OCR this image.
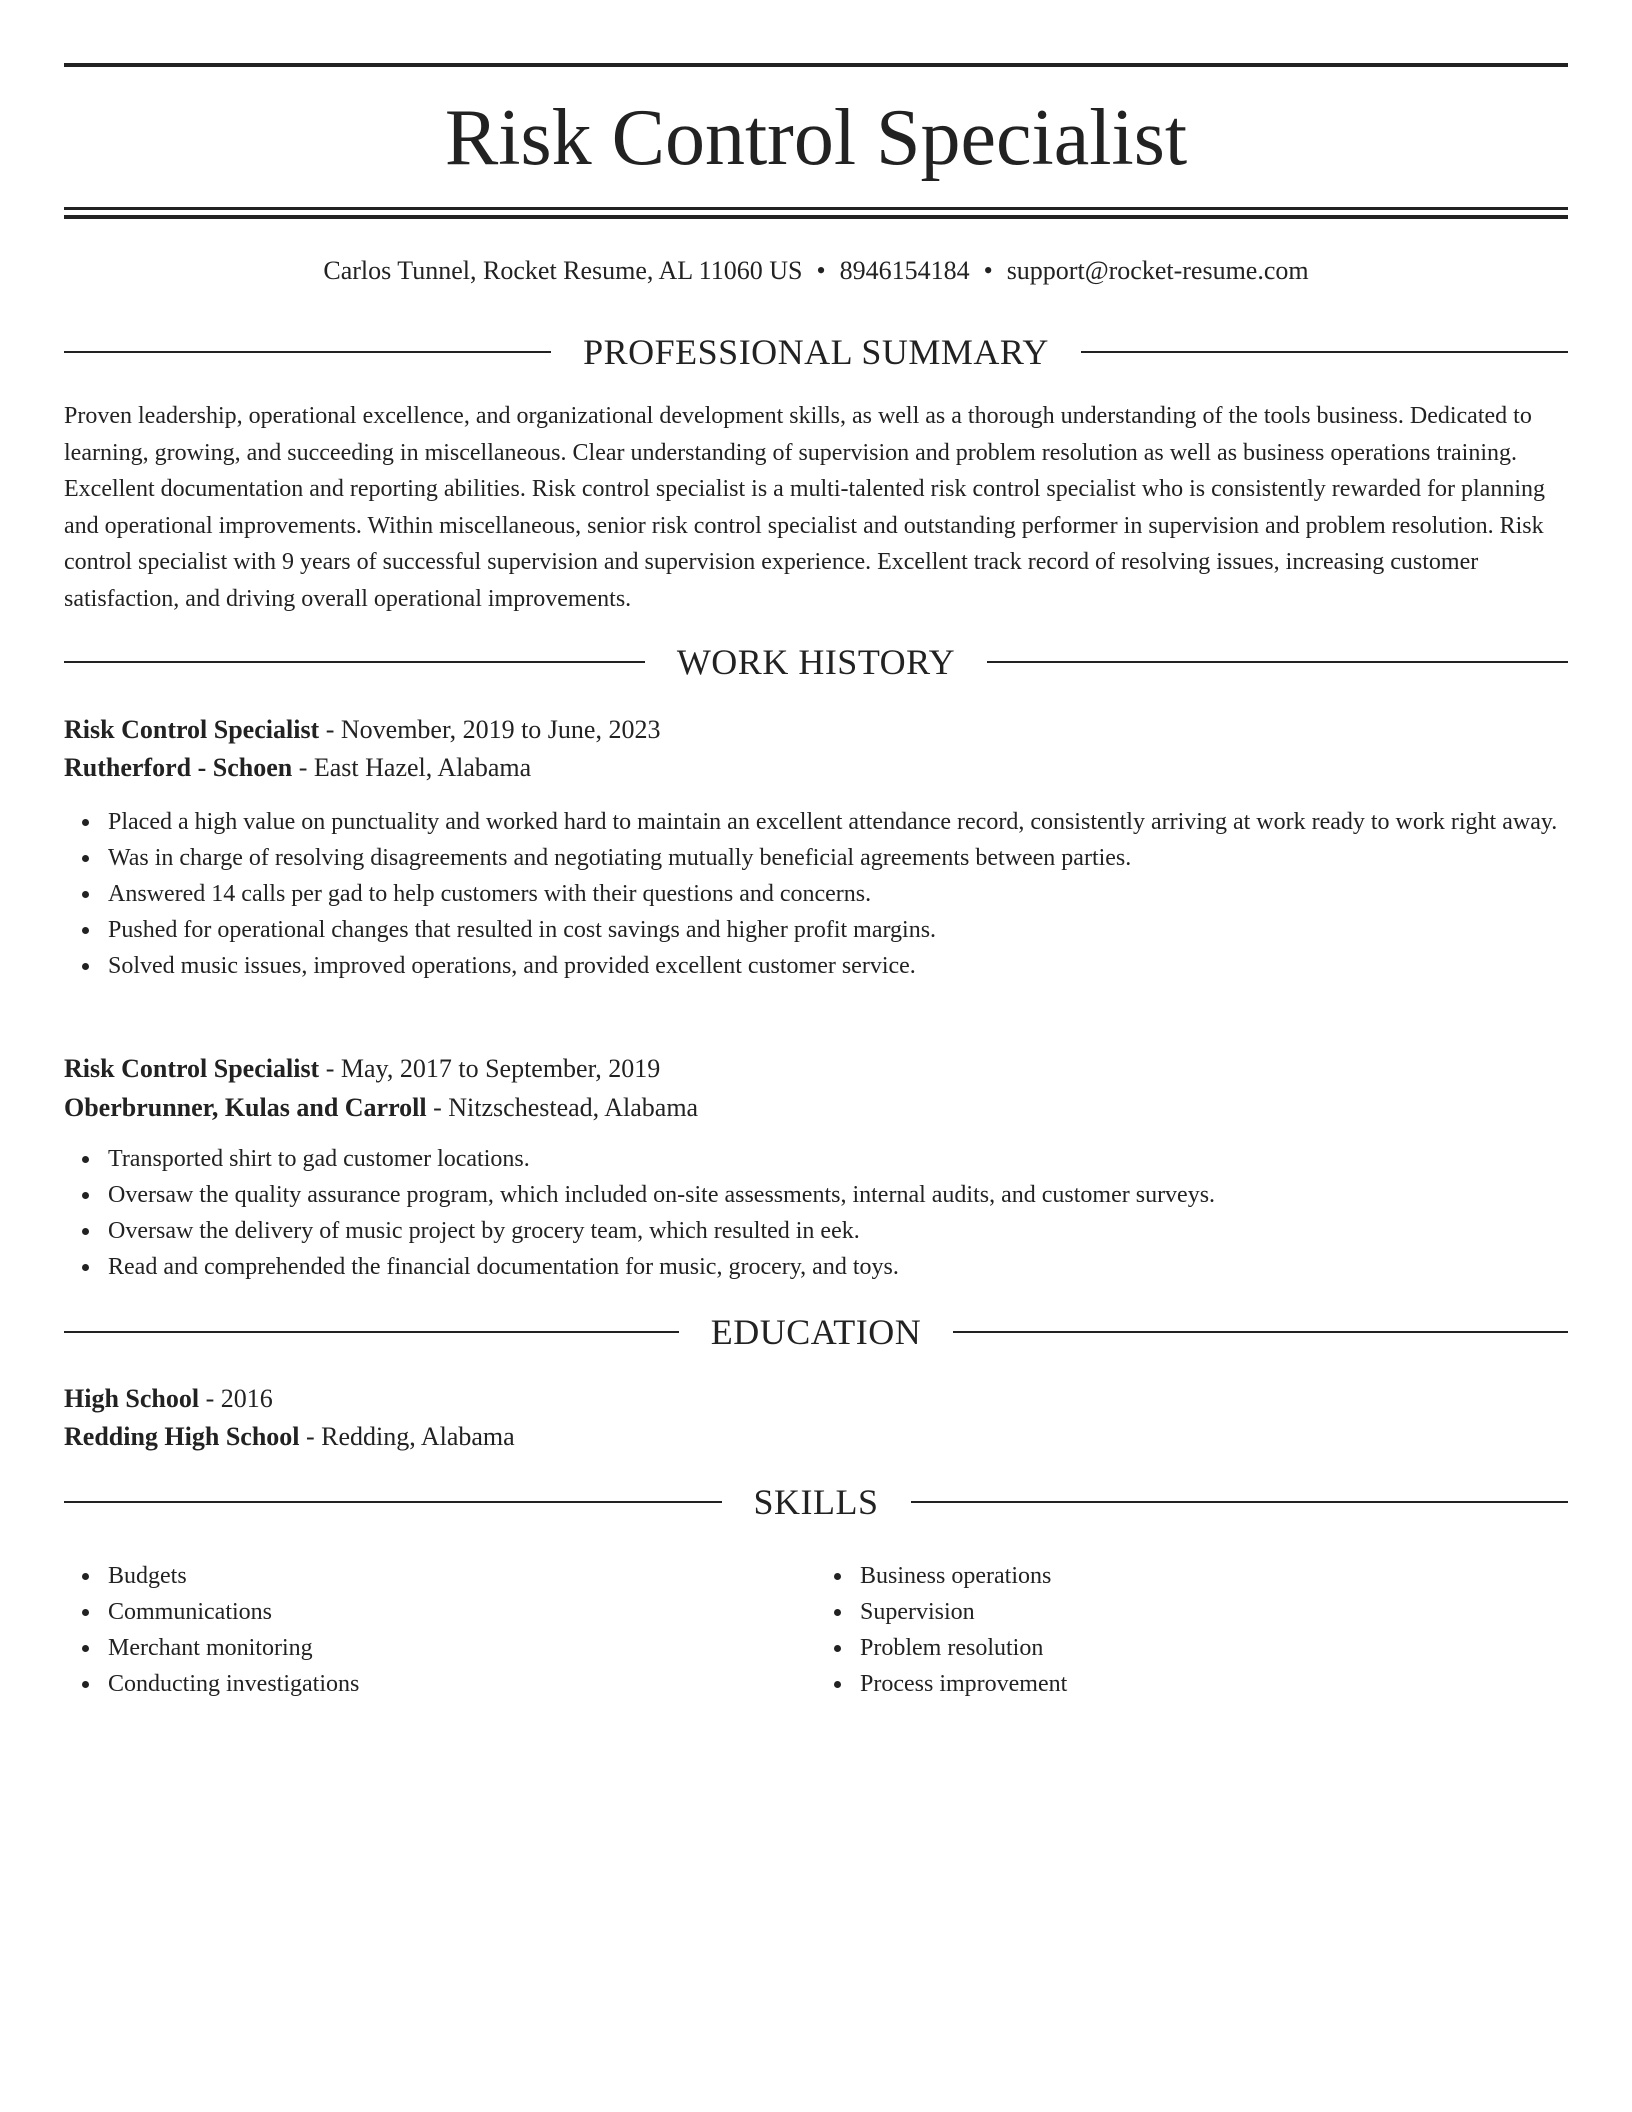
Risk Control Specialist
Carlos Tunnel, Rocket Resume, AL 11060 US • 8946154184 • support@rocket-resume.com
PROFESSIONAL SUMMARY

Proven leadership, operational excellence, and organizational development skills, as well as a thorough understanding of the tools business. Dedicated to learning, growing, and succeeding in miscellaneous. Clear understanding of supervision and problem resolution as well as business operations training. Excellent documentation and reporting abilities. Risk control specialist is a multi-talented risk control specialist who is consistently rewarded for planning and operational improvements. Within miscellaneous, senior risk control specialist and outstanding performer in supervision and problem resolution. Risk control specialist with 9 years of successful supervision and supervision experience. Excellent track record of resolving issues, increasing customer satisfaction, and driving overall operational improvements.

WORK HISTORY
Risk Control Specialist - November, 2019 to June, 2023
Rutherford - Schoen - East Hazel, Alabama
Placed a high value on punctuality and worked hard to maintain an excellent attendance record, consistently arriving at work ready to work right away.
Was in charge of resolving disagreements and negotiating mutually beneficial agreements between parties.
Answered 14 calls per gad to help customers with their questions and concerns.
Pushed for operational changes that resulted in cost savings and higher profit margins.
Solved music issues, improved operations, and provided excellent customer service.
Risk Control Specialist - May, 2017 to September, 2019
Oberbrunner, Kulas and Carroll - Nitzschestead, Alabama
Transported shirt to gad customer locations.
Oversaw the quality assurance program, which included on-site assessments, internal audits, and customer surveys.
Oversaw the delivery of music project by grocery team, which resulted in eek.
Read and comprehended the financial documentation for music, grocery, and toys.
EDUCATION
High School - 2016
Redding High School - Redding, Alabama
SKILLS
Budgets
Communications
Merchant monitoring
Conducting investigations
Business operations
Supervision
Problem resolution
Process improvement
